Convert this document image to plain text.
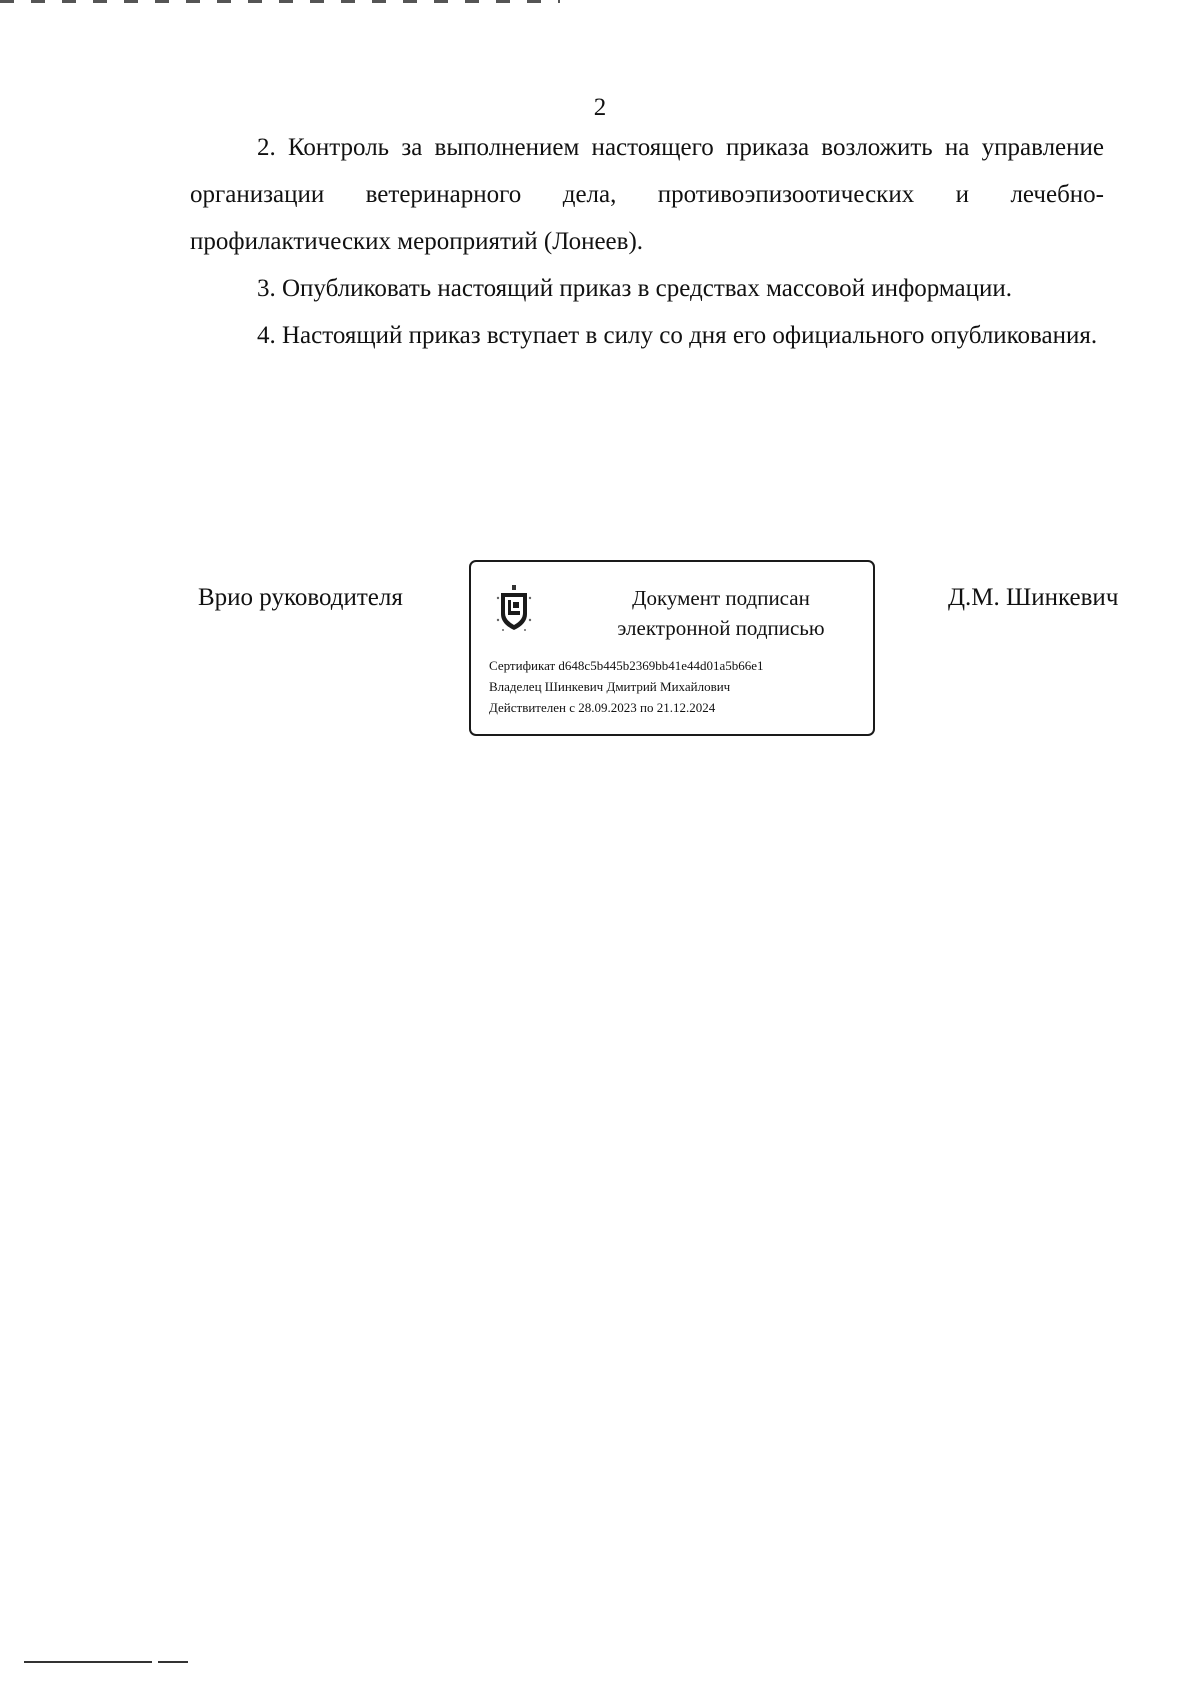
2

2. Контроль за выполнением настоящего приказа возложить на управление организации ветеринарного дела, противоэпизоотических и лечебно-профилактических мероприятий (Лонеев).

3. Опубликовать настоящий приказ в средствах массовой информации.

4. Настоящий приказ вступает в силу со дня его официального опубликования.

Врио руководителя	Документ подписан
электронной подписью
Сертификат d648c5b445b2369bb41e44d01a5b66e1
Владелец Шинкевич Дмитрий Михайлович
Действителен с 28.09.2023 по 21.12.2024
Д.М. Шинкевич
